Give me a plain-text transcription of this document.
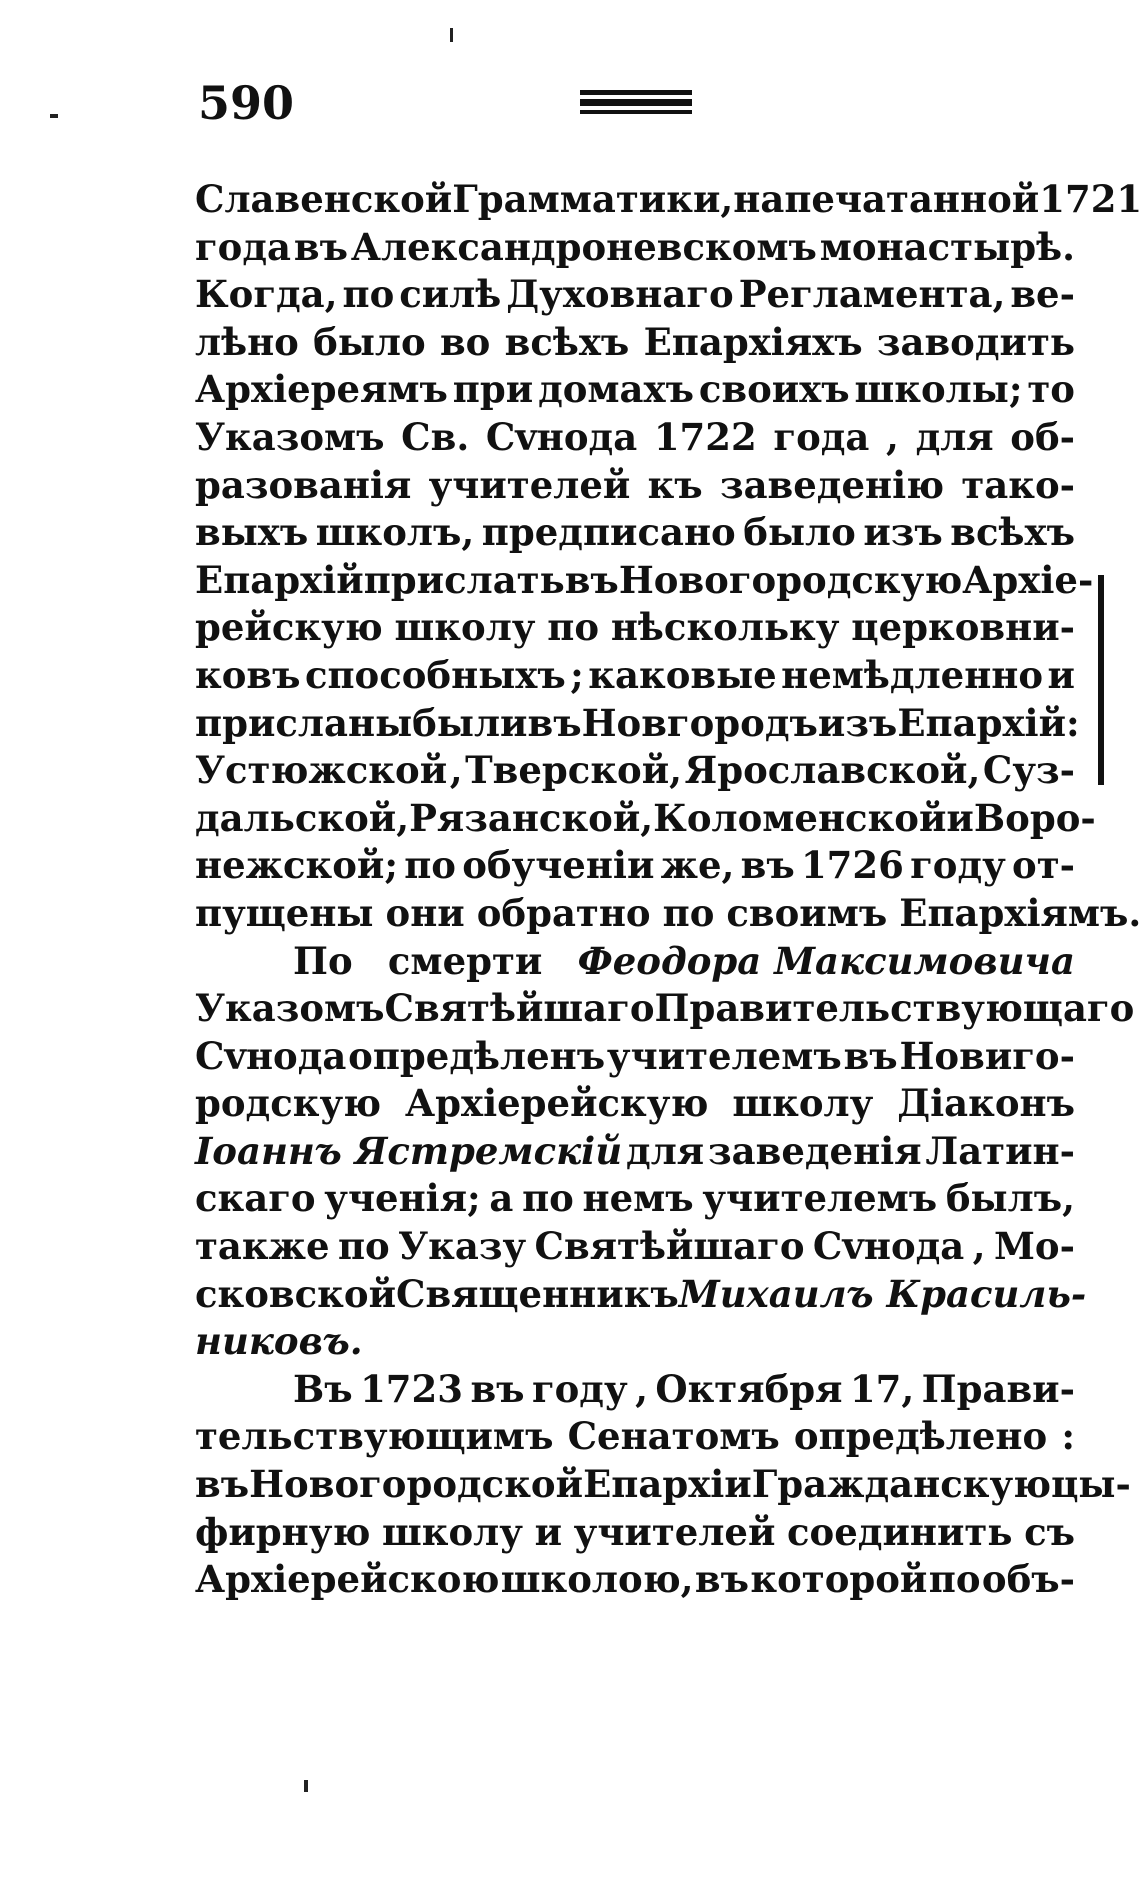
590
Славенской Грамматики, напечатанной 1721
года въ Александроневскомъ монастырѣ.
Когда, по силѣ Духовнаго Регламента, ве-
лѣно было во всѣхъ Епархіяхъ заводить
Архіереямъ при домахъ своихъ школы; то
Указомъ Св. Сvнода 1722 года , для об-
разованія учителей къ заведенію тако-
выхъ школъ, предписано было изъ всѣхъ
Епархій прислать въ Новогородскую Архіе-
рейскую школу по нѣскольку церковни-
ковъ способныхъ ; каковые немѣдленно и
присланы были въ Новгородъ изъ Епархій:
Устюжской , Тверской, Ярославской, Суз-
дальской, Рязанской, Коломенской и Воро-
нежской; по обученіи же, въ 1726 году от-
пущены они обратно по своимъ Епархіямъ.
По смерти Феодора Максимовича
Указомъ Святѣйшаго Правительствующаго
Сvнода опредѣленъ учителемъ въ Новиго-
родскую Архіерейскую школу Діаконъ
Іоаннъ Ястремскій для заведенія Латин-
скаго ученія; а по немъ учителемъ былъ,
также по Указу Святѣйшаго Сvнода , Мо-
сковской Священникъ Михаилъ Красиль-
никовъ.
Въ 1723 въ году , Октября 17, Прави-
тельствующимъ Сенатомъ опредѣлено :
въ Новогородской Епархіи Гражданскую цы-
фирную школу и учителей соединить съ
Архіерейскою школою, въ которой по объ-
